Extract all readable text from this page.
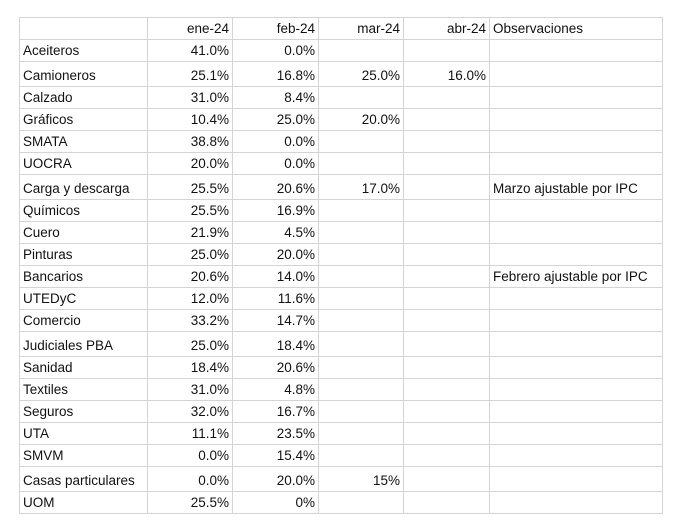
	ene-24	feb-24	mar-24	abr-24	Observaciones
Aceiteros	41.0%	0.0%			
Camioneros	25.1%	16.8%	25.0%	16.0%	
Calzado	31.0%	8.4%			
Gráficos	10.4%	25.0%	20.0%		
SMATA	38.8%	0.0%			
UOCRA	20.0%	0.0%			
Carga y descarga	25.5%	20.6%	17.0%		Marzo ajustable por IPC
Químicos	25.5%	16.9%			
Cuero	21.9%	4.5%			
Pinturas	25.0%	20.0%			
Bancarios	20.6%	14.0%			Febrero ajustable por IPC
UTEDyC	12.0%	11.6%			
Comercio	33.2%	14.7%			
Judiciales PBA	25.0%	18.4%			
Sanidad	18.4%	20.6%			
Textiles	31.0%	4.8%			
Seguros	32.0%	16.7%			
UTA	11.1%	23.5%			
SMVM	0.0%	15.4%			
Casas particulares	0.0%	20.0%	15%		
UOM	25.5%	0%			
